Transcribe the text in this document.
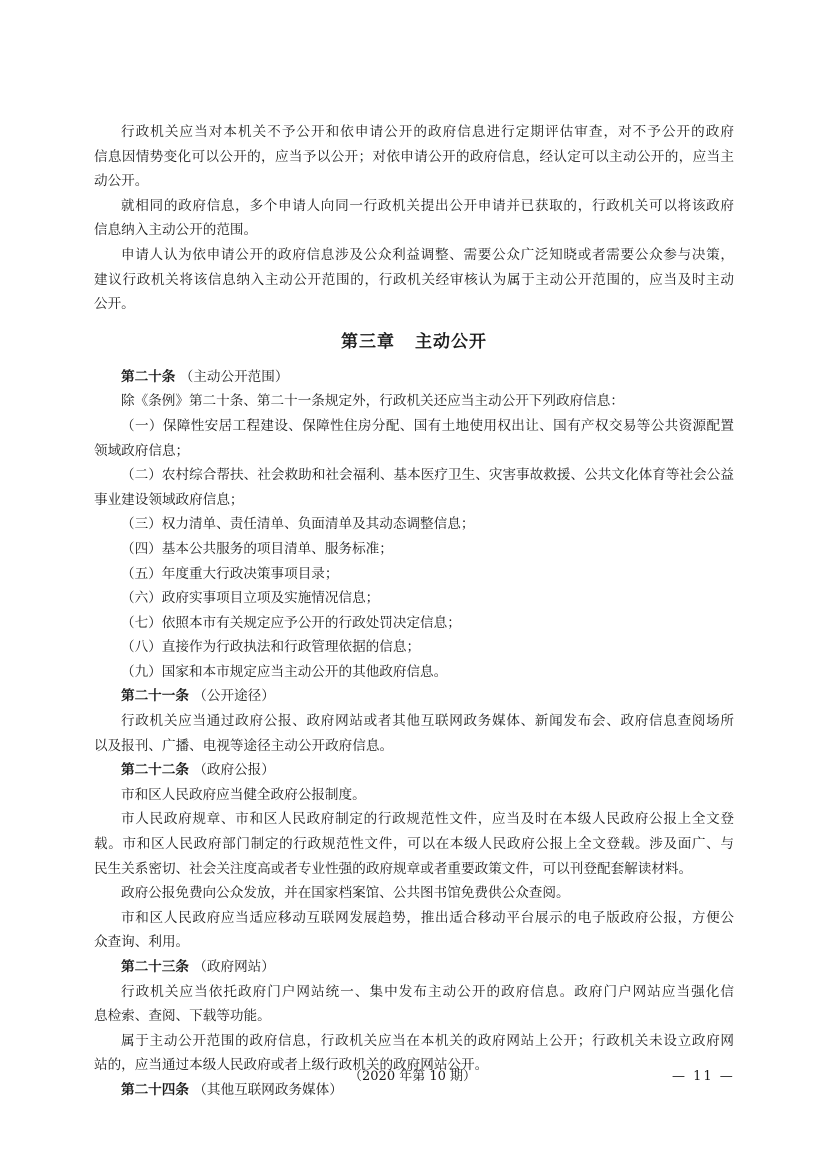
行政机关应当对本机关不予公开和依申请公开的政府信息进行定期评估审查，对不予公开的政府
信息因情势变化可以公开的，应当予以公开；对依申请公开的政府信息，经认定可以主动公开的，应当主
动公开。
就相同的政府信息，多个申请人向同一行政机关提出公开申请并已获取的，行政机关可以将该政府
信息纳入主动公开的范围。
申请人认为依申请公开的政府信息涉及公众利益调整、需要公众广泛知晓或者需要公众参与决策，
建议行政机关将该信息纳入主动公开范围的，行政机关经审核认为属于主动公开范围的，应当及时主动
公开。
第三章 主动公开
第二十条 （主动公开范围）
除《条例》第二十条、第二十一条规定外，行政机关还应当主动公开下列政府信息：
（一）保障性安居工程建设、保障性住房分配、国有土地使用权出让、国有产权交易等公共资源配置
领域政府信息；
（二）农村综合帮扶、社会救助和社会福利、基本医疗卫生、灾害事故救援、公共文化体育等社会公益
事业建设领域政府信息；
（三）权力清单、责任清单、负面清单及其动态调整信息；
（四）基本公共服务的项目清单、服务标准；
（五）年度重大行政决策事项目录；
（六）政府实事项目立项及实施情况信息；
（七）依照本市有关规定应予公开的行政处罚决定信息；
（八）直接作为行政执法和行政管理依据的信息；
（九）国家和本市规定应当主动公开的其他政府信息。
第二十一条 （公开途径）
行政机关应当通过政府公报、政府网站或者其他互联网政务媒体、新闻发布会、政府信息查阅场所
以及报刊、广播、电视等途径主动公开政府信息。
第二十二条 （政府公报）
市和区人民政府应当健全政府公报制度。
市人民政府规章、市和区人民政府制定的行政规范性文件，应当及时在本级人民政府公报上全文登
载。市和区人民政府部门制定的行政规范性文件，可以在本级人民政府公报上全文登载。涉及面广、与
民生关系密切、社会关注度高或者专业性强的政府规章或者重要政策文件，可以刊登配套解读材料。
政府公报免费向公众发放，并在国家档案馆、公共图书馆免费供公众查阅。
市和区人民政府应当适应移动互联网发展趋势，推出适合移动平台展示的电子版政府公报，方便公
众查询、利用。
第二十三条 （政府网站）
行政机关应当依托政府门户网站统一、集中发布主动公开的政府信息。政府门户网站应当强化信
息检索、查阅、下载等功能。
属于主动公开范围的政府信息，行政机关应当在本机关的政府网站上公开；行政机关未设立政府网
站的，应当通过本级人民政府或者上级行政机关的政府网站公开。
第二十四条 （其他互联网政务媒体）
（2020 年第 10 期）	— 11 —
